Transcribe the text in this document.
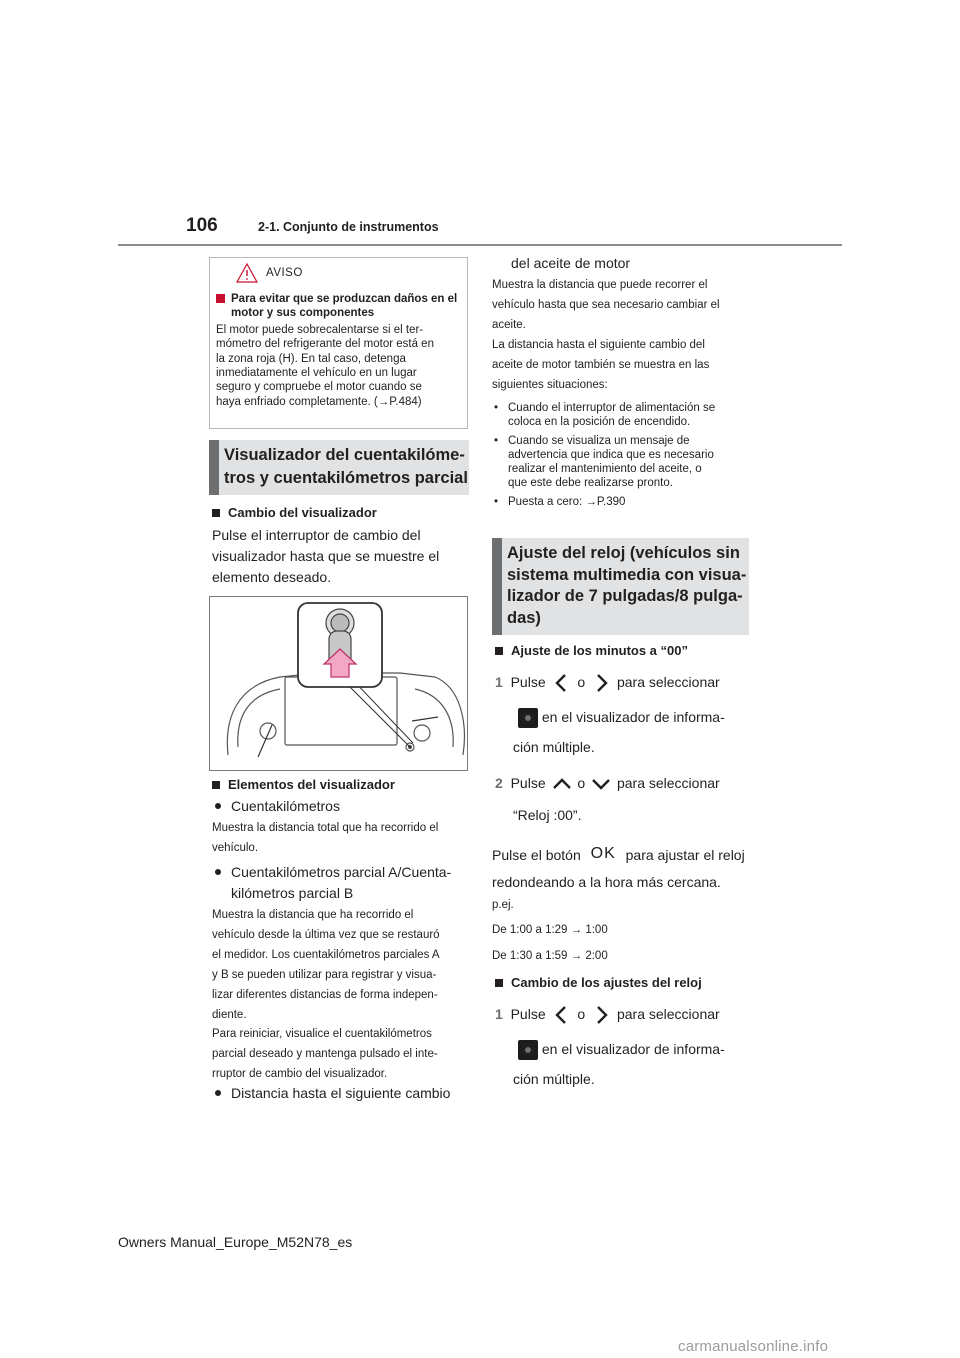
106	2-1. Conjunto de instrumentos
AVISO
Para evitar que se produzcan daños en el motor y sus componentes

El motor puede sobrecalentarse si el ter-
mómetro del refrigerante del motor está en
la zona roja (H). En tal caso, detenga
inmediatamente el vehículo en un lugar
seguro y compruebe el motor cuando se
haya enfriado completamente. (→P.484)

Visualizador del cuentakilóme-
tros y cuentakilómetros parcial
Cambio del visualizador
Pulse el interruptor de cambio del
visualizador hasta que se muestre el
elemento deseado.
Elementos del visualizador
Cuentakilómetros
Muestra la distancia total que ha recorrido el
vehículo.
Cuentakilómetros parcial A/Cuenta-
kilómetros parcial B
Muestra la distancia que ha recorrido el
vehículo desde la última vez que se restauró
el medidor. Los cuentakilómetros parciales A
y B se pueden utilizar para registrar y visua-
lizar diferentes distancias de forma indepen-
diente.
Para reiniciar, visualice el cuentakilómetros
parcial deseado y mantenga pulsado el inte-
rruptor de cambio del visualizador.
Distancia hasta el siguiente cambio
del aceite de motor
Muestra la distancia que puede recorrer el
vehículo hasta que sea necesario cambiar el
aceite.
La distancia hasta el siguiente cambio del
aceite de motor también se muestra en las
siguientes situaciones:
• Cuando el interruptor de alimentación se
coloca en la posición de encendido.
• Cuando se visualiza un mensaje de
advertencia que indica que es necesario
realizar el mantenimiento del aceite, o
que este debe realizarse pronto.
• Puesta a cero: →P.390
Ajuste del reloj (vehículos sin
sistema multimedia con visua-
lizador de 7 pulgadas/8 pulga-
das)
Ajuste de los minutos a “00”
1 Pulse o para seleccionar
en el visualizador de informa-
ción múltiple.
2 Pulse o para seleccionar
“Reloj :00”.
Pulse el botón OK para ajustar el reloj
redondeando a la hora más cercana.
p.ej.
De 1:00 a 1:29 → 1:00
De 1:30 a 1:59 → 2:00
Cambio de los ajustes del reloj
1 Pulse o para seleccionar
en el visualizador de informa-
ción múltiple.
Owners Manual_Europe_M52N78_es
carmanualsonline.info
